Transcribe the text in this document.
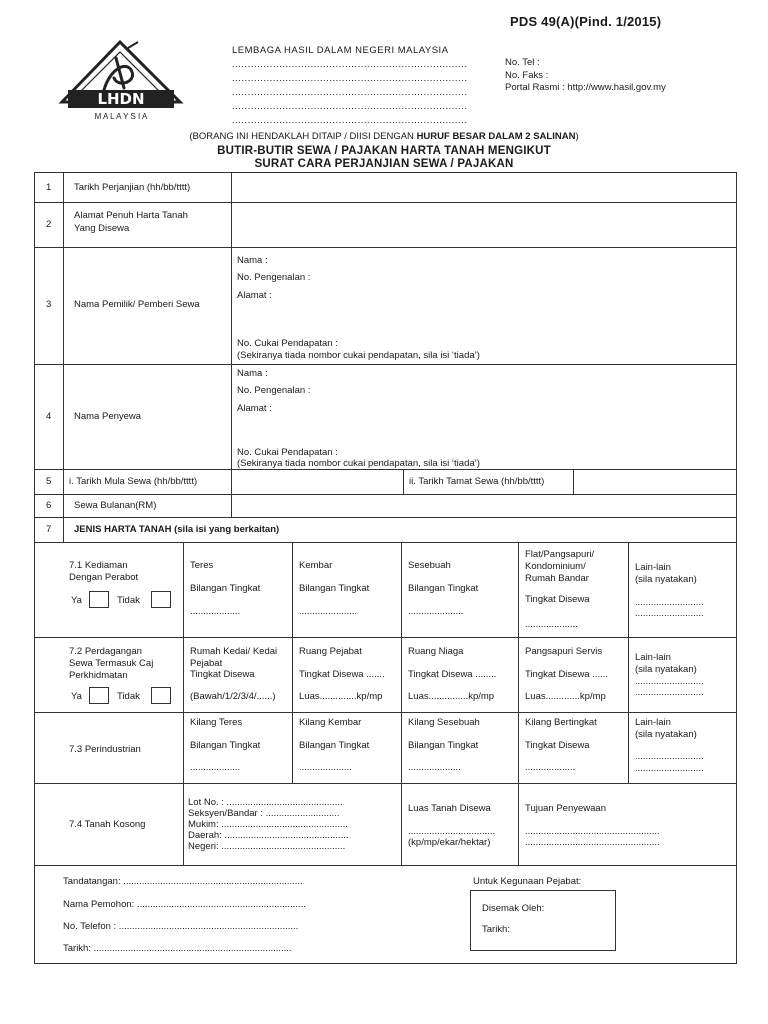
PDS 49(A)(Pind. 1/2015)
LHDN
M A L A Y S I A
LEMBAGA HASIL DALAM NEGERI MALAYSIA
...........................................................................
...........................................................................
...........................................................................
...........................................................................
...........................................................................
No. Tel :
No. Faks :
Portal Rasmi : http://www.hasil.gov.my
(BORANG INI HENDAKLAH DITAIP / DIISI DENGAN HURUF BESAR DALAM 2 SALINAN)
BUTIR-BUTIR SEWA / PAJAKAN HARTA TANAH MENGIKUT
SURAT CARA PERJANJIAN SEWA / PAJAKAN
1 Tarikh Perjanjian (hh/bb/tttt)
2
Alamat Penuh Harta Tanah
Yang Disewa
3 Nama Pemilik/ Pemberi Sewa
Nama :
No. Pengenalan :
Alamat :
No. Cukai Pendapatan :
(Sekiranya tiada nombor cukai pendapatan, sila isi ‘tiada’)
4 Nama Penyewa
Nama :
No. Pengenalan :
Alamat :
No. Cukai Pendapatan :
(Sekiranya tiada nombor cukai pendapatan, sila isi ‘tiada’)
5 i. Tarikh Mula Sewa (hh/bb/tttt)	ii. Tarikh Tamat Sewa (hh/bb/tttt)
6 Sewa Bulanan(RM)
7 JENIS HARTA TANAH (sila isi yang berkaitan)
7.1 Kediaman
Dengan Perabot
Ya	Tidak
Teres
Bilangan Tingkat
...................
Kembar
Bilangan Tingkat
......................
Sesebuah
Bilangan Tingkat
.....................
Flat/Pangsapuri/
Kondominium/
Rumah Bandar
Tingkat Disewa
....................
Lain-lain
(sila nyatakan)
..........................
..........................
7.2 Perdagangan
Sewa Termasuk Caj
Perkhidmatan
Ya	Tidak
Rumah Kedai/ Kedai
Pejabat
Tingkat Disewa
(Bawah/1/2/3/4/......)
Ruang Pejabat
Tingkat Disewa .......
Luas..............kp/mp
Ruang Niaga
Tingkat Disewa ........
Luas...............kp/mp
Pangsapuri Servis
Tingkat Disewa ......
Luas.............kp/mp
Lain-lain
(sila nyatakan)
..........................
..........................
7.3 Perindustrian
Kilang Teres
Bilangan Tingkat
...................
Kilang Kembar
Bilangan Tingkat
....................
Kilang Sesebuah
Bilangan Tingkat
....................
Kilang Bertingkat
Tingkat Disewa
...................
Lain-lain
(sila nyatakan)
..........................
..........................
7.4 Tanah Kosong
Lot No. : ............................................
Seksyen/Bandar : ............................
Mukim: ................................................
Daerah: ...............................................
Negeri: ...............................................
Luas Tanah Disewa
.................................
(kp/mp/ekar/hektar)
Tujuan Penyewaan
...................................................
...................................................
Tandatangan: ....................................................................
Nama Pemohon: ................................................................
No. Telefon : ....................................................................
Tarikh: ...........................................................................
Untuk Kegunaan Pejabat:
Disemak Oleh:
Tarikh:
